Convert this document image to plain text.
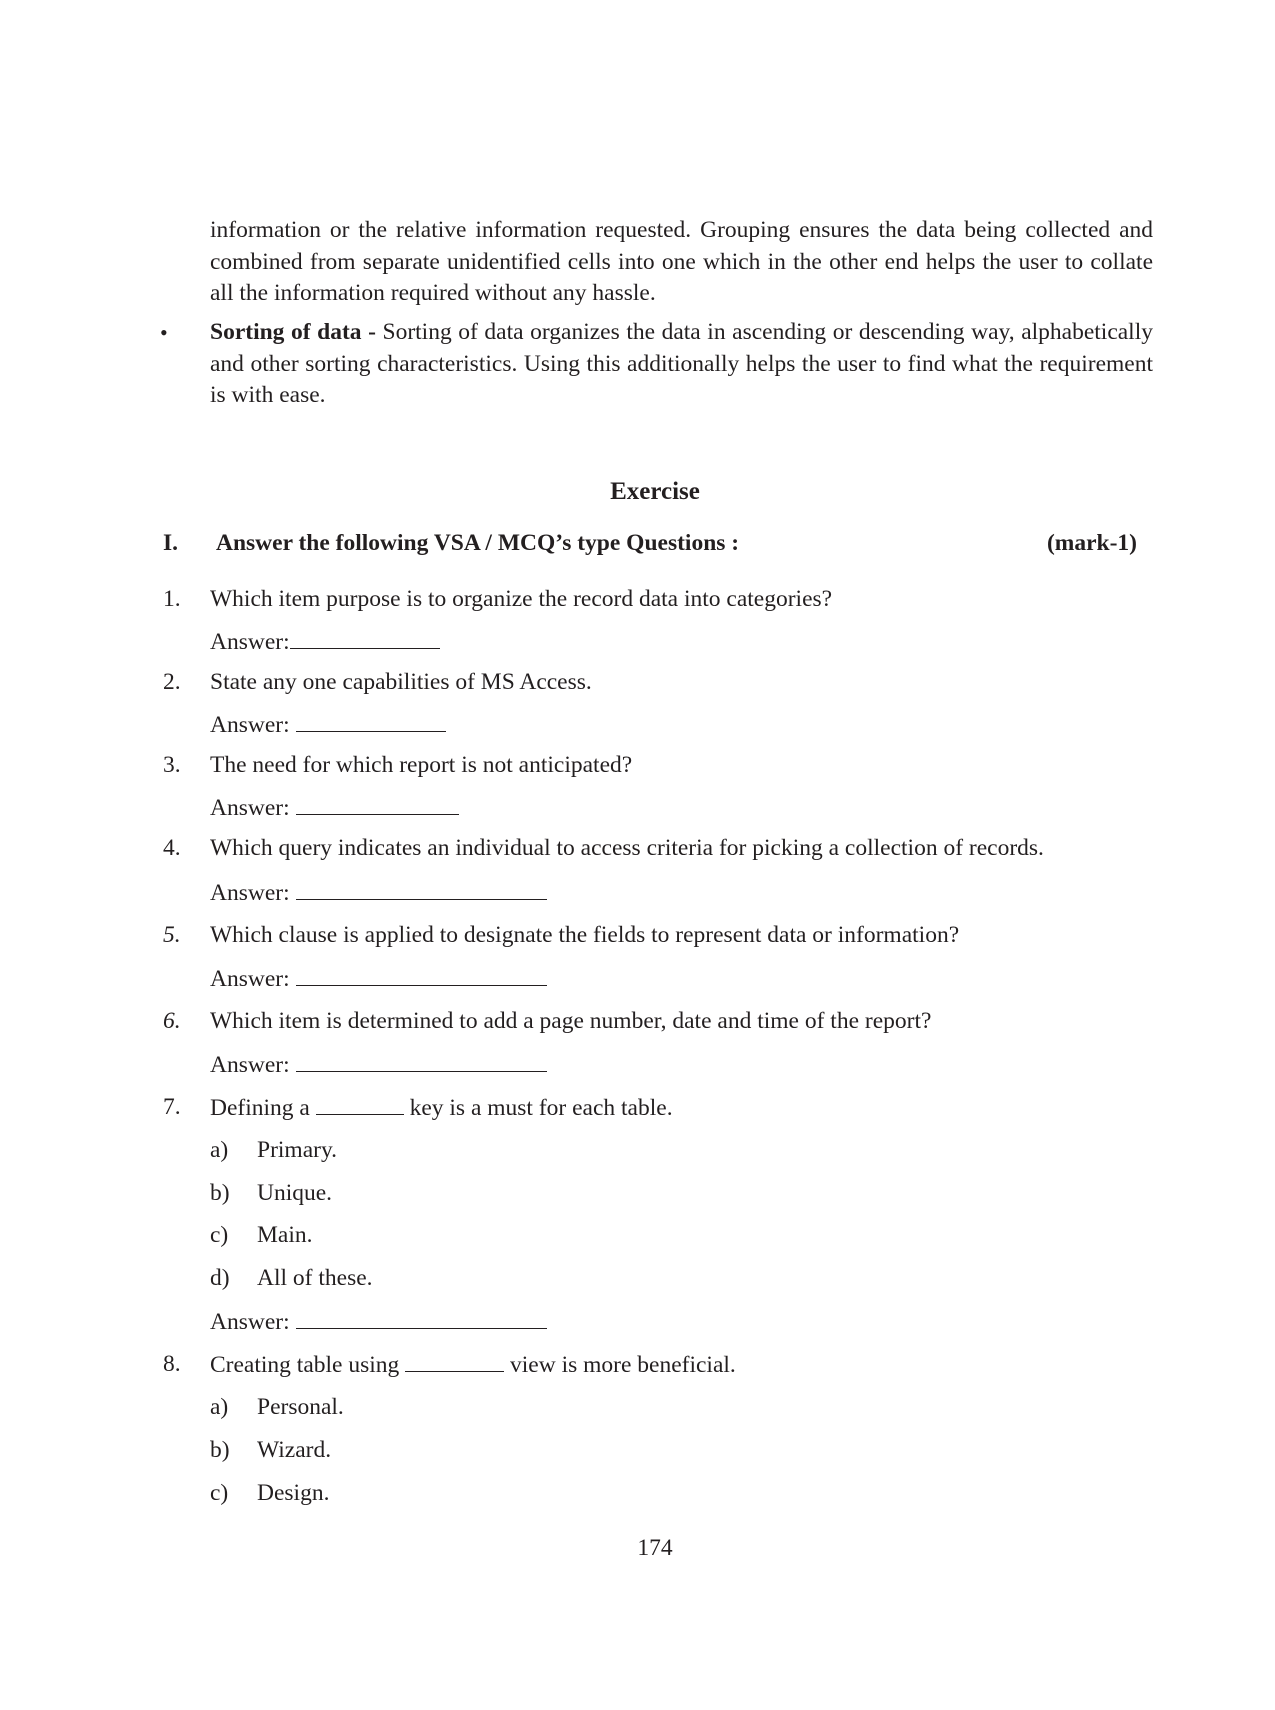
information or the relative information requested. Grouping ensures the data being collected and combined from separate unidentified cells into one which in the other end helps the user to collate all the information required without any hassle.
• Sorting of data - Sorting of data organizes the data in ascending or descending way, alphabetically and other sorting characteristics. Using this additionally helps the user to find what the requirement is with ease.
Exercise
I. Answer the following VSA / MCQ’s type Questions :	(mark-1)
1. Which item purpose is to organize the record data into categories?
Answer:
2. State any one capabilities of MS Access.
Answer:
3. The need for which report is not anticipated?
Answer:
4. Which query indicates an individual to access criteria for picking a collection of records.
Answer:
5. Which clause is applied to designate the fields to represent data or information?
Answer:
6. Which item is determined to add a page number, date and time of the report?
Answer:
7. Defining a	key is a must for each table.
a) Primary.
b) Unique.
c) Main.
d) All of these.
Answer:
8. Creating table using	view is more beneficial.
a) Personal.
b) Wizard.
c) Design.
174
